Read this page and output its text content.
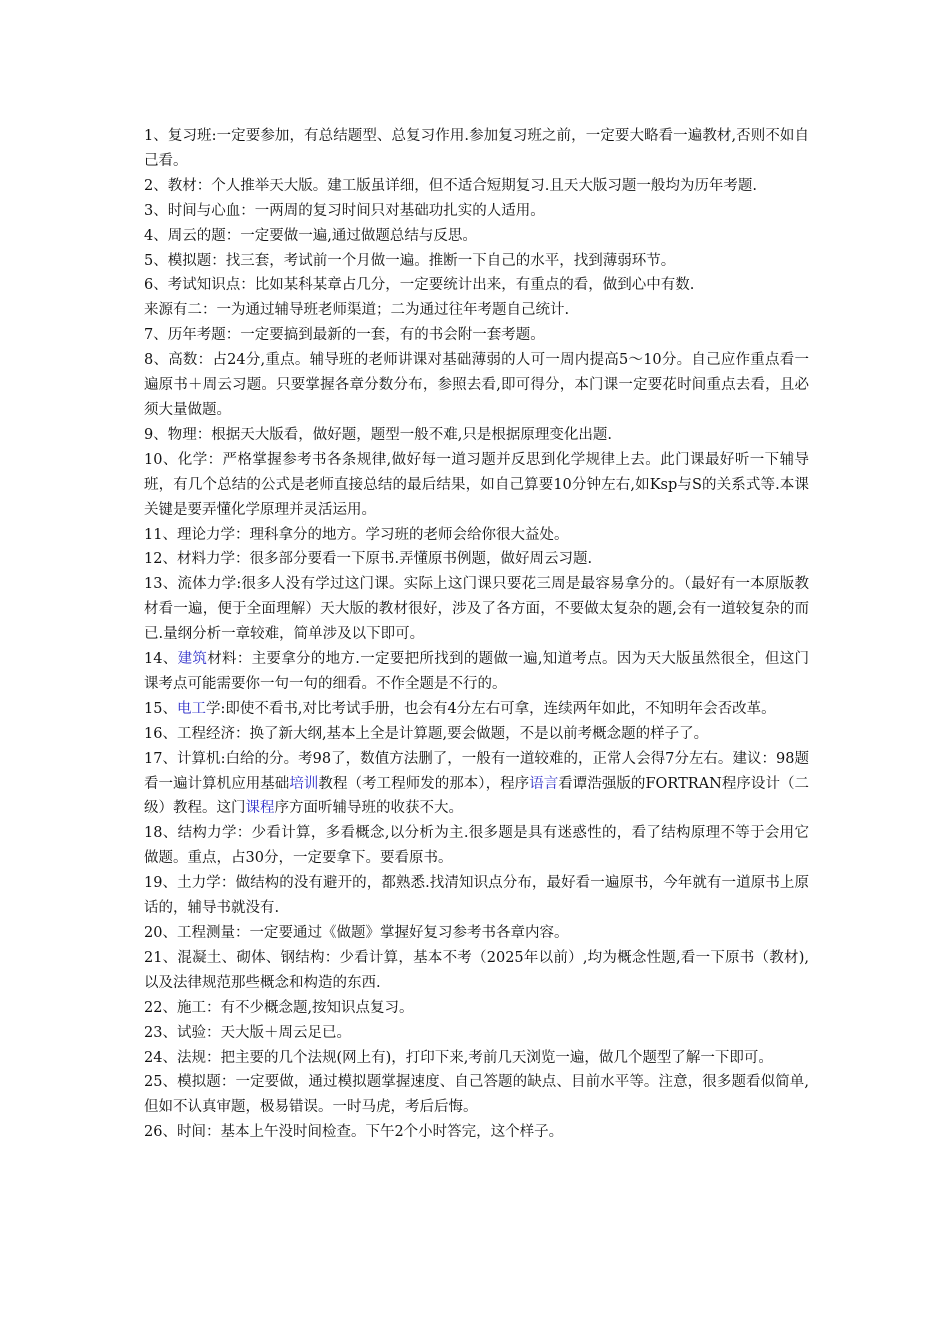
1、复习班:一定要参加，有总结题型、总复习作用.参加复习班之前，一定要大略看一遍教材,否则不如自己看。

2、教材：个人推举天大版。建工版虽详细，但不适合短期复习.且天大版习题一般均为历年考题.

3、时间与心血：一两周的复习时间只对基础功扎实的人适用。

4、周云的题：一定要做一遍,通过做题总结与反思。

5、模拟题：找三套，考试前一个月做一遍。推断一下自己的水平，找到薄弱环节。

6、考试知识点：比如某科某章占几分，一定要统计出来，有重点的看，做到心中有数.

来源有二：一为通过辅导班老师渠道；二为通过往年考题自己统计.

7、历年考题：一定要搞到最新的一套，有的书会附一套考题。

8、高数：占24分,重点。辅导班的老师讲课对基础薄弱的人可一周内提高5～10分。自己应作重点看一遍原书＋周云习题。只要掌握各章分数分布，参照去看,即可得分，本门课一定要花时间重点去看，且必须大量做题。

9、物理：根据天大版看，做好题，题型一般不难,只是根据原理变化出题.

10、化学：严格掌握参考书各条规律,做好每一道习题并反思到化学规律上去。此门课最好听一下辅导班，有几个总结的公式是老师直接总结的最后结果，如自己算要10分钟左右,如Ksp与S的关系式等.本课关键是要弄懂化学原理并灵活运用。

11、理论力学：理科拿分的地方。学习班的老师会给你很大益处。

12、材料力学：很多部分要看一下原书.弄懂原书例题，做好周云习题.

13、流体力学:很多人没有学过这门课。实际上这门课只要花三周是最容易拿分的。（最好有一本原版教材看一遍，便于全面理解）天大版的教材很好，涉及了各方面，不要做太复杂的题,会有一道较复杂的而已.量纲分析一章较难，简单涉及以下即可。

14、建筑材料：主要拿分的地方.一定要把所找到的题做一遍,知道考点。因为天大版虽然很全，但这门课考点可能需要你一句一句的细看。不作全题是不行的。

15、电工学:即使不看书,对比考试手册，也会有4分左右可拿，连续两年如此，不知明年会否改革。

16、工程经济：换了新大纲,基本上全是计算题,要会做题，不是以前考概念题的样子了。

17、计算机:白给的分。考98了，数值方法删了，一般有一道较难的，正常人会得7分左右。建议：98题看一遍计算机应用基础培训教程（考工程师发的那本），程序语言看谭浩强版的FORTRAN程序设计（二级）教程。这门课程序方面听辅导班的收获不大。

18、结构力学：少看计算，多看概念,以分析为主.很多题是具有迷惑性的，看了结构原理不等于会用它做题。重点，占30分，一定要拿下。要看原书。

19、土力学：做结构的没有避开的，都熟悉.找清知识点分布，最好看一遍原书，今年就有一道原书上原话的，辅导书就没有.

20、工程测量：一定要通过《做题》掌握好复习参考书各章内容。

21、混凝土、砌体、钢结构：少看计算，基本不考（2025年以前）,均为概念性题,看一下原书（教材),以及法律规范那些概念和构造的东西.

22、施工：有不少概念题,按知识点复习。

23、试验：天大版＋周云足已。

24、法规：把主要的几个法规(网上有)，打印下来,考前几天浏览一遍，做几个题型了解一下即可。

25、模拟题：一定要做，通过模拟题掌握速度、自己答题的缺点、目前水平等。注意，很多题看似简单,但如不认真审题，极易错误。一时马虎，考后后悔。

26、时间：基本上午没时间检查。下午2个小时答完，这个样子。
